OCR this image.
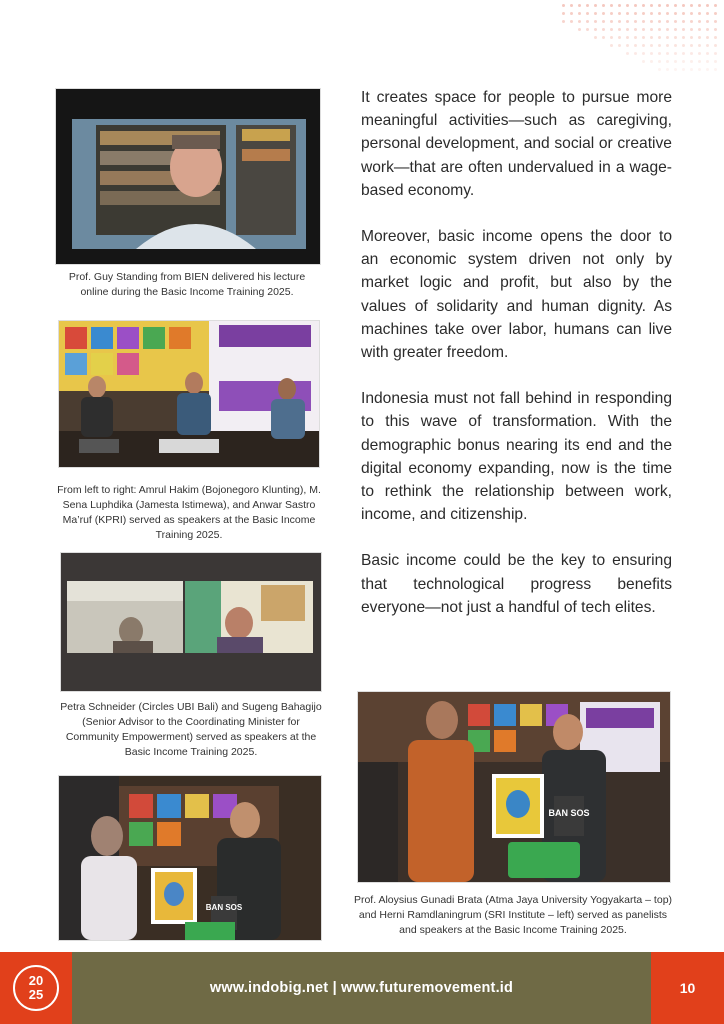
Prof. Guy Standing from BIEN delivered his lecture online during the Basic Income Training 2025.
From left to right: Amrul Hakim (Bojonegoro Klunting), M. Sena Luphdika (Jamesta Istimewa), and Anwar Sastro Ma’ruf (KPRI) served as speakers at the Basic Income Training 2025.
Petra Schneider (Circles UBI Bali) and Sugeng Bahagijo (Senior Advisor to the Coordinating Minister for Community Empowerment) served as speakers at the Basic Income Training 2025.
BAN SOS
BAN SOS
Prof. Aloysius Gunadi Brata (Atma Jaya University Yogyakarta – top) and Herni Ramdlaningrum (SRI Institute – left) served as panelists and speakers at the Basic Income Training 2025.

It creates space for people to pursue more meaningful activities—such as caregiving, personal development, and social or creative work—that are often undervalued in a wage-based economy.

Moreover, basic income opens the door to an economic system driven not only by market logic and profit, but also by the values of solidarity and human dignity. As machines take over labor, humans can live with greater freedom.

Indonesia must not fall behind in responding to this wave of transformation. With the demographic bonus nearing its end and the digital economy expanding, now is the time to rethink the relationship between work, income, and citizenship.

Basic income could be the key to ensuring that technological progress benefits everyone—not just a handful of tech elites.

20
25	www.indobig.net | www.futuremovement.id	10
